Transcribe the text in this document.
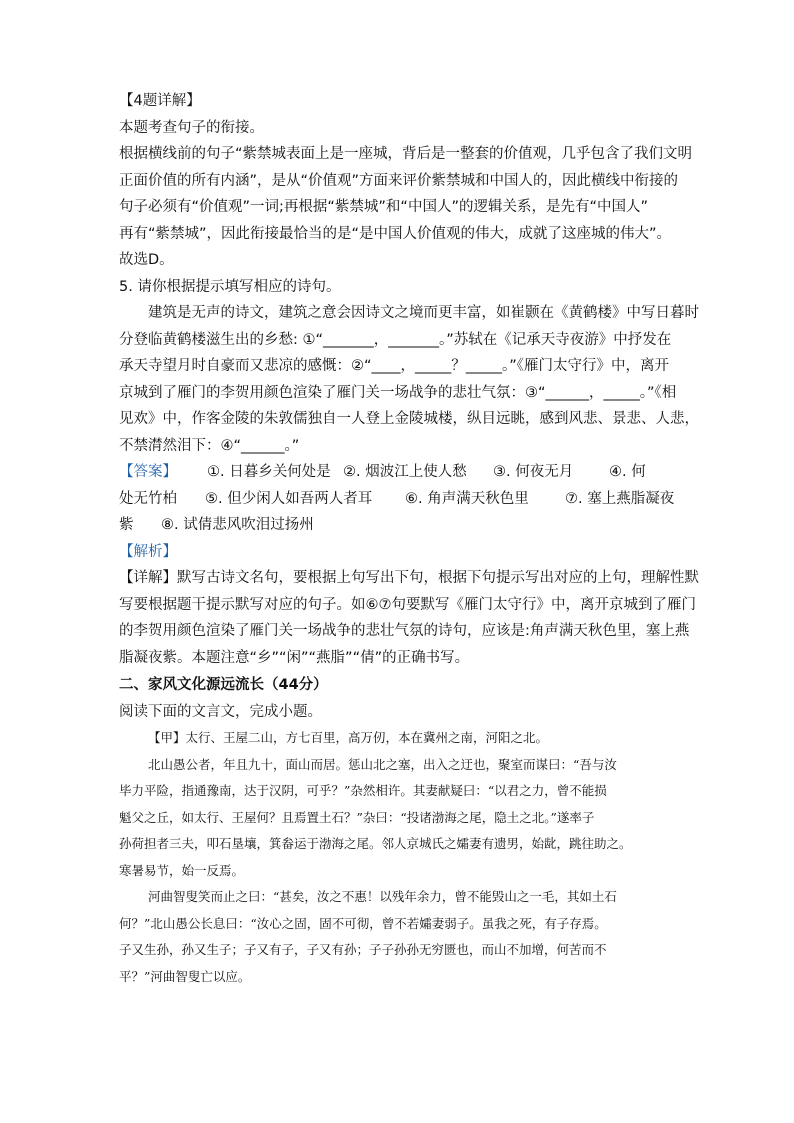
【4题详解】
本题考查句子的衔接。
根据横线前的句子“紫禁城表面上是一座城，背后是一整套的价值观，几乎包含了我们文明
正面价值的所有内涵”，是从“价值观”方面来评价紫禁城和中国人的，因此横线中衔接的
句子必须有“价值观”一词;再根据“紫禁城”和“中国人”的逻辑关系，是先有“中国人”
再有“紫禁城”，因此衔接最恰当的是“是中国人价值观的伟大，成就了这座城的伟大”。
故选D。
5. 请你根据提示填写相应的诗句。
建筑是无声的诗文，建筑之意会因诗文之境而更丰富，如崔颢在《黄鹤楼》中写日暮时
分登临黄鹤楼滋生出的乡愁: ①“_______，_______。”苏轼在《记承天寺夜游》中抒发在
承天寺望月时自豪而又悲凉的感慨：②“____，_____？_____。”《雁门太守行》中，离开
京城到了雁门的李贺用颜色渲染了雁门关一场战争的悲壮气氛：③“______，_____。”《相
见欢》中，作客金陵的朱敦儒独自一人登上金陵城楼，纵目远眺，感到风悲、景悲、人悲，
不禁潸然泪下：④“______。”
【答案】	①. 日暮乡关何处是 ②. 烟波江上使人愁	③. 何夜无月	④. 何
处无竹柏	⑤. 但少闲人如吾两人者耳	⑥. 角声满天秋色里	⑦. 塞上燕脂凝夜
紫	⑧. 试倩悲风吹泪过扬州
【解析】
【详解】默写古诗文名句，要根据上句写出下句，根据下句提示写出对应的上句，理解性默
写要根据题干提示默写对应的句子。如⑥⑦句要默写《雁门太守行》中，离开京城到了雁门
的李贺用颜色渲染了雁门关一场战争的悲壮气氛的诗句，应该是:角声满天秋色里，塞上燕
脂凝夜紫。本题注意“乡”“闲”“燕脂”“倩”的正确书写。
二、家风文化源远流长（44分）
阅读下面的文言文，完成小题。
【甲】太行、王屋二山，方七百里，高万仞，本在冀州之南，河阳之北。
北山愚公者，年且九十，面山而居。惩山北之塞，出入之迂也，聚室而谋曰：“吾与汝
毕力平险，指通豫南，达于汉阴，可乎？”杂然相许。其妻献疑曰：“以君之力，曾不能损
魁父之丘，如太行、王屋何？且焉置土石？”杂曰：“投诸渤海之尾，隐土之北。”遂率子
孙荷担者三夫，叩石垦壤，箕畚运于渤海之尾。邻人京城氏之孀妻有遗男，始龀，跳往助之。
寒暑易节，始一反焉。
河曲智叟笑而止之曰：“甚矣，汝之不惠！以残年余力，曾不能毁山之一毛，其如土石
何？”北山愚公长息曰：“汝心之固，固不可彻，曾不若孀妻弱子。虽我之死，有子存焉。
子又生孙，孙又生子；子又有子，子又有孙；子子孙孙无穷匮也，而山不加增，何苦而不
平？”河曲智叟亡以应。
